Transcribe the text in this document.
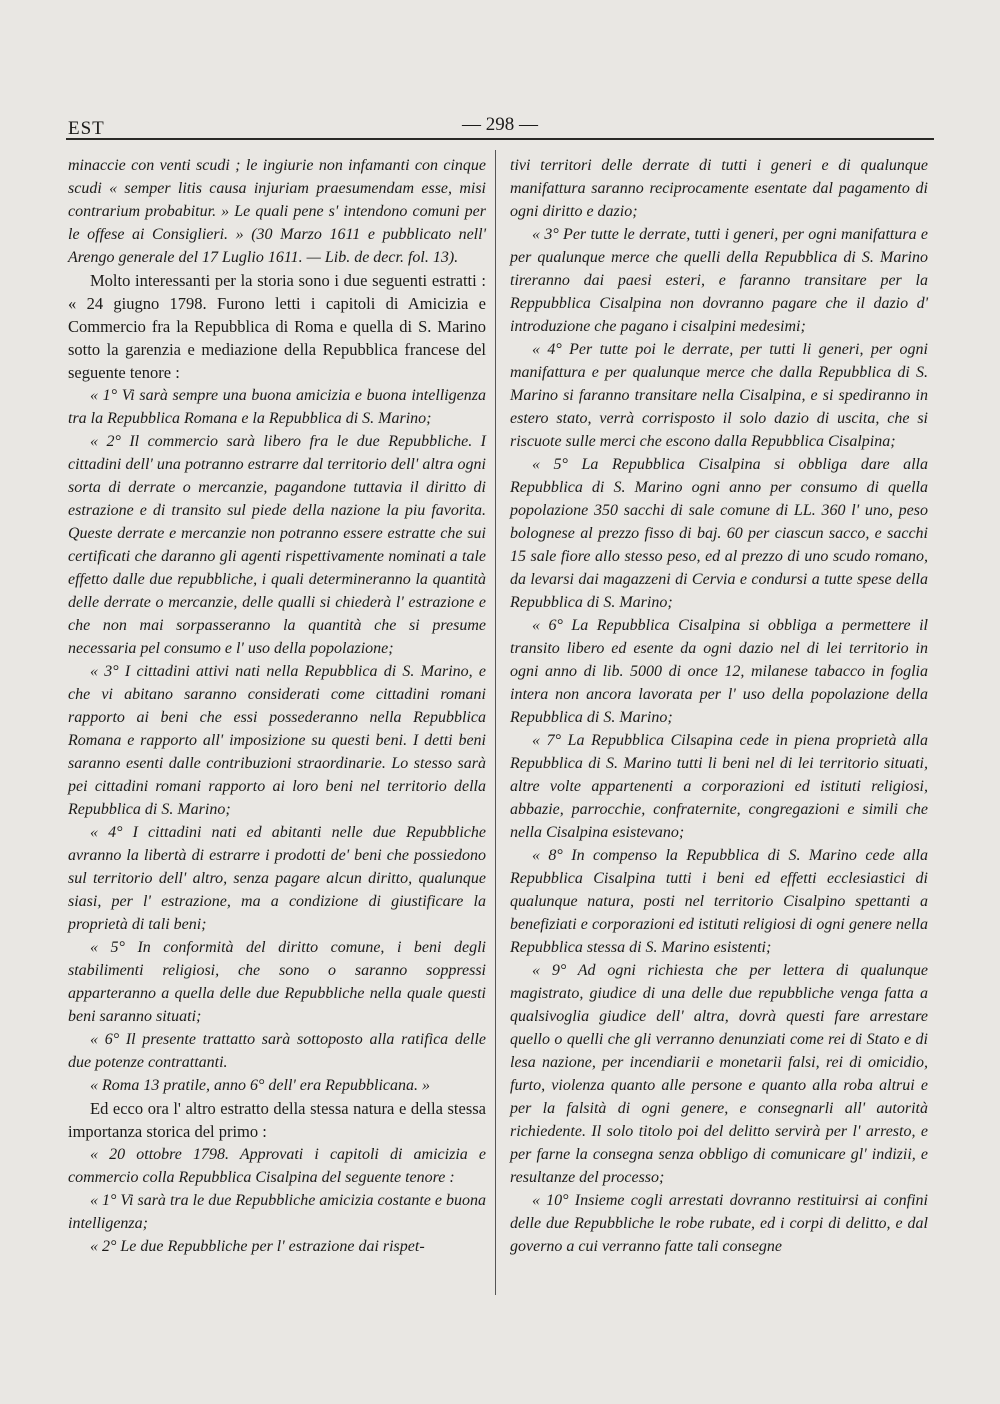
EST	— 298 —

minaccie con venti scudi ; le ingiurie non infamanti con cinque scudi « semper litis causa injuriam praesumendam esse, misi contrarium probabitur. » Le quali pene s' intendono comuni per le offese ai Consiglieri. » (30 Marzo 1611 e pubblicato nell' Arengo generale del 17 Luglio 1611. — Lib. de decr. fol. 13).

Molto interessanti per la storia sono i due seguenti estratti : « 24 giugno 1798. Furono letti i capitoli di Amicizia e Commercio fra la Repubblica di Roma e quella di S. Marino sotto la garenzia e mediazione della Repubblica francese del seguente tenore :

« 1° Vi sarà sempre una buona amicizia e buona intelligenza tra la Repubblica Romana e la Repubblica di S. Marino;

« 2° Il commercio sarà libero fra le due Repubbliche. I cittadini dell' una potranno estrarre dal territorio dell' altra ogni sorta di derrate o mercanzie, pagandone tuttavia il diritto di estrazione e di transito sul piede della nazione la piu favorita. Queste derrate e mercanzie non potranno essere estratte che sui certificati che daranno gli agenti rispettivamente nominati a tale effetto dalle due repubbliche, i quali determineranno la quantità delle derrate o mercanzie, delle qualli si chiederà l' estrazione e che non mai sorpasseranno la quantità che si presume necessaria pel consumo e l' uso della popolazione;

« 3° I cittadini attivi nati nella Repubblica di S. Marino, e che vi abitano saranno considerati come cittadini romani rapporto ai beni che essi possederanno nella Repubblica Romana e rapporto all' imposizione su questi beni. I detti beni saranno esenti dalle contribuzioni straordinarie. Lo stesso sarà pei cittadini romani rapporto ai loro beni nel territorio della Repubblica di S. Marino;

« 4° I cittadini nati ed abitanti nelle due Repubbliche avranno la libertà di estrarre i prodotti de' beni che possiedono sul territorio dell' altro, senza pagare alcun diritto, qualunque siasi, per l' estrazione, ma a condizione di giustificare la proprietà di tali beni;

« 5° In conformità del diritto comune, i beni degli stabilimenti religiosi, che sono o saranno soppressi apparteranno a quella delle due Repubbliche nella quale questi beni saranno situati;

« 6° Il presente trattatto sarà sottoposto alla ratifica delle due potenze contrattanti.

« Roma 13 pratile, anno 6° dell' era Repubblicana. »

Ed ecco ora l' altro estratto della stessa natura e della stessa importanza storica del primo :

« 20 ottobre 1798. Approvati i capitoli di amicizia e commercio colla Repubblica Cisalpina del seguente tenore :

« 1° Vi sarà tra le due Repubbliche amicizia costante e buona intelligenza;

« 2° Le due Repubbliche per l' estrazione dai rispet-

tivi territori delle derrate di tutti i generi e di qualunque manifattura saranno reciprocamente esentate dal pagamento di ogni diritto e dazio;

« 3° Per tutte le derrate, tutti i generi, per ogni manifattura e per qualunque merce che quelli della Repubblica di S. Marino tireranno dai paesi esteri, e faranno transitare per la Reppubblica Cisalpina non dovranno pagare che il dazio d' introduzione che pagano i cisalpini medesimi;

« 4° Per tutte poi le derrate, per tutti li generi, per ogni manifattura e per qualunque merce che dalla Repubblica di S. Marino si faranno transitare nella Cisalpina, e si spediranno in estero stato, verrà corrisposto il solo dazio di uscita, che si riscuote sulle merci che escono dalla Repubblica Cisalpina;

« 5° La Repubblica Cisalpina si obbliga dare alla Repubblica di S. Marino ogni anno per consumo di quella popolazione 350 sacchi di sale comune di LL. 360 l' uno, peso bolognese al prezzo fisso di baj. 60 per ciascun sacco, e sacchi 15 sale fiore allo stesso peso, ed al prezzo di uno scudo romano, da levarsi dai magazzeni di Cervia e condursi a tutte spese della Repubblica di S. Marino;

« 6° La Repubblica Cisalpina si obbliga a permettere il transito libero ed esente da ogni dazio nel di lei territorio in ogni anno di lib. 5000 di once 12, milanese tabacco in foglia intera non ancora lavorata per l' uso della popolazione della Repubblica di S. Marino;

« 7° La Repubblica Cilsapina cede in piena proprietà alla Repubblica di S. Marino tutti li beni nel di lei territorio situati, altre volte appartenenti a corporazioni ed istituti religiosi, abbazie, parrocchie, confraternite, congregazioni e simili che nella Cisalpina esistevano;

« 8° In compenso la Repubblica di S. Marino cede alla Repubblica Cisalpina tutti i beni ed effetti ecclesiastici di qualunque natura, posti nel territorio Cisalpino spettanti a benefiziati e corporazioni ed istituti religiosi di ogni genere nella Repubblica stessa di S. Marino esistenti;

« 9° Ad ogni richiesta che per lettera di qualunque magistrato, giudice di una delle due repubbliche venga fatta a qualsivoglia giudice dell' altra, dovrà questi fare arrestare quello o quelli che gli verranno denunziati come rei di Stato e di lesa nazione, per incendiarii e monetarii falsi, rei di omicidio, furto, violenza quanto alle persone e quanto alla roba altrui e per la falsità di ogni genere, e consegnarli all' autorità richiedente. Il solo titolo poi del delitto servirà per l' arresto, e per farne la consegna senza obbligo di comunicare gl' indizii, e resultanze del processo;

« 10° Insieme cogli arrestati dovranno restituirsi ai confini delle due Repubbliche le robe rubate, ed i corpi di delitto, e dal governo a cui verranno fatte tali consegne
